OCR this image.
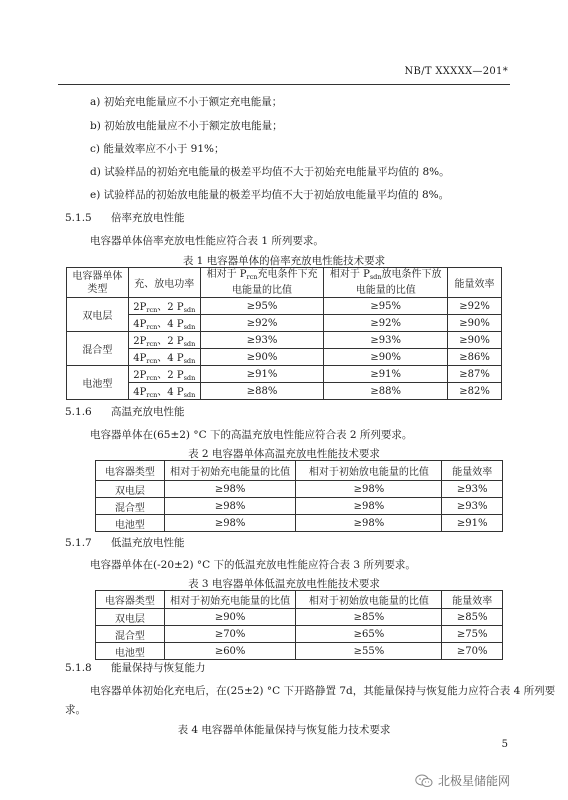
NB/T XXXXX—201*
a) 初始充电能量应不小于额定充电能量；
b) 初始放电能量应不小于额定放电能量；
c) 能量效率应不小于 91%；
d) 试验样品的初始充电能量的极差平均值不大于初始充电能量平均值的 8%。
e) 试验样品的初始放电能量的极差平均值不大于初始放电能量平均值的 8%。
5.1.5 倍率充放电性能
电容器单体倍率充放电性能应符合表 1 所列要求。
表 1 电容器单体的倍率充放电性能技术要求
电容器单体类型	充、放电功率	相对于 $P_{rcn}$充电条件下充电能量的比值	相对于 $P_{sdn}$放电条件下放电能量的比值	能量效率
双电层	$2P_{rcn}$、2 $P_{sdn}$	≥95%	≥95%	≥92%
	$4P_{rcn}$、4 $P_{sdn}$	≥92%	≥92%	≥90%
混合型	$2P_{rcn}$、2 $P_{sdn}$	≥93%	≥93%	≥90%
	$4P_{rcn}$、4 $P_{sdn}$	≥90%	≥90%	≥86%
电池型	$2P_{rcn}$、2 $P_{sdn}$	≥91%	≥91%	≥87%
	$4P_{rcn}$、4 $P_{sdn}$	≥88%	≥88%	≥82%
5.1.6 高温充放电性能
电容器单体在(65±2) °C 下的高温充放电性能应符合表 2 所列要求。
表 2 电容器单体高温充放电性能技术要求
电容器类型	相对于初始充电能量的比值	相对于初始放电能量的比值	能量效率
双电层	≥98%	≥98%	≥93%
混合型	≥98%	≥98%	≥93%
电池型	≥98%	≥98%	≥91%
5.1.7 低温充放电性能
电容器单体在(-20±2) °C 下的低温充放电性能应符合表 3 所列要求。
表 3 电容器单体低温充放电性能技术要求
电容器类型	相对于初始充电能量的比值	相对于初始放电能量的比值	能量效率
双电层	≥90%	≥85%	≥85%
混合型	≥70%	≥65%	≥75%
电池型	≥60%	≥55%	≥70%
5.1.8 能量保持与恢复能力
电容器单体初始化充电后，在(25±2) °C 下开路静置 7d，其能量保持与恢复能力应符合表 4 所列要
求。
表 4 电容器单体能量保持与恢复能力技术要求
5
北极星储能网
